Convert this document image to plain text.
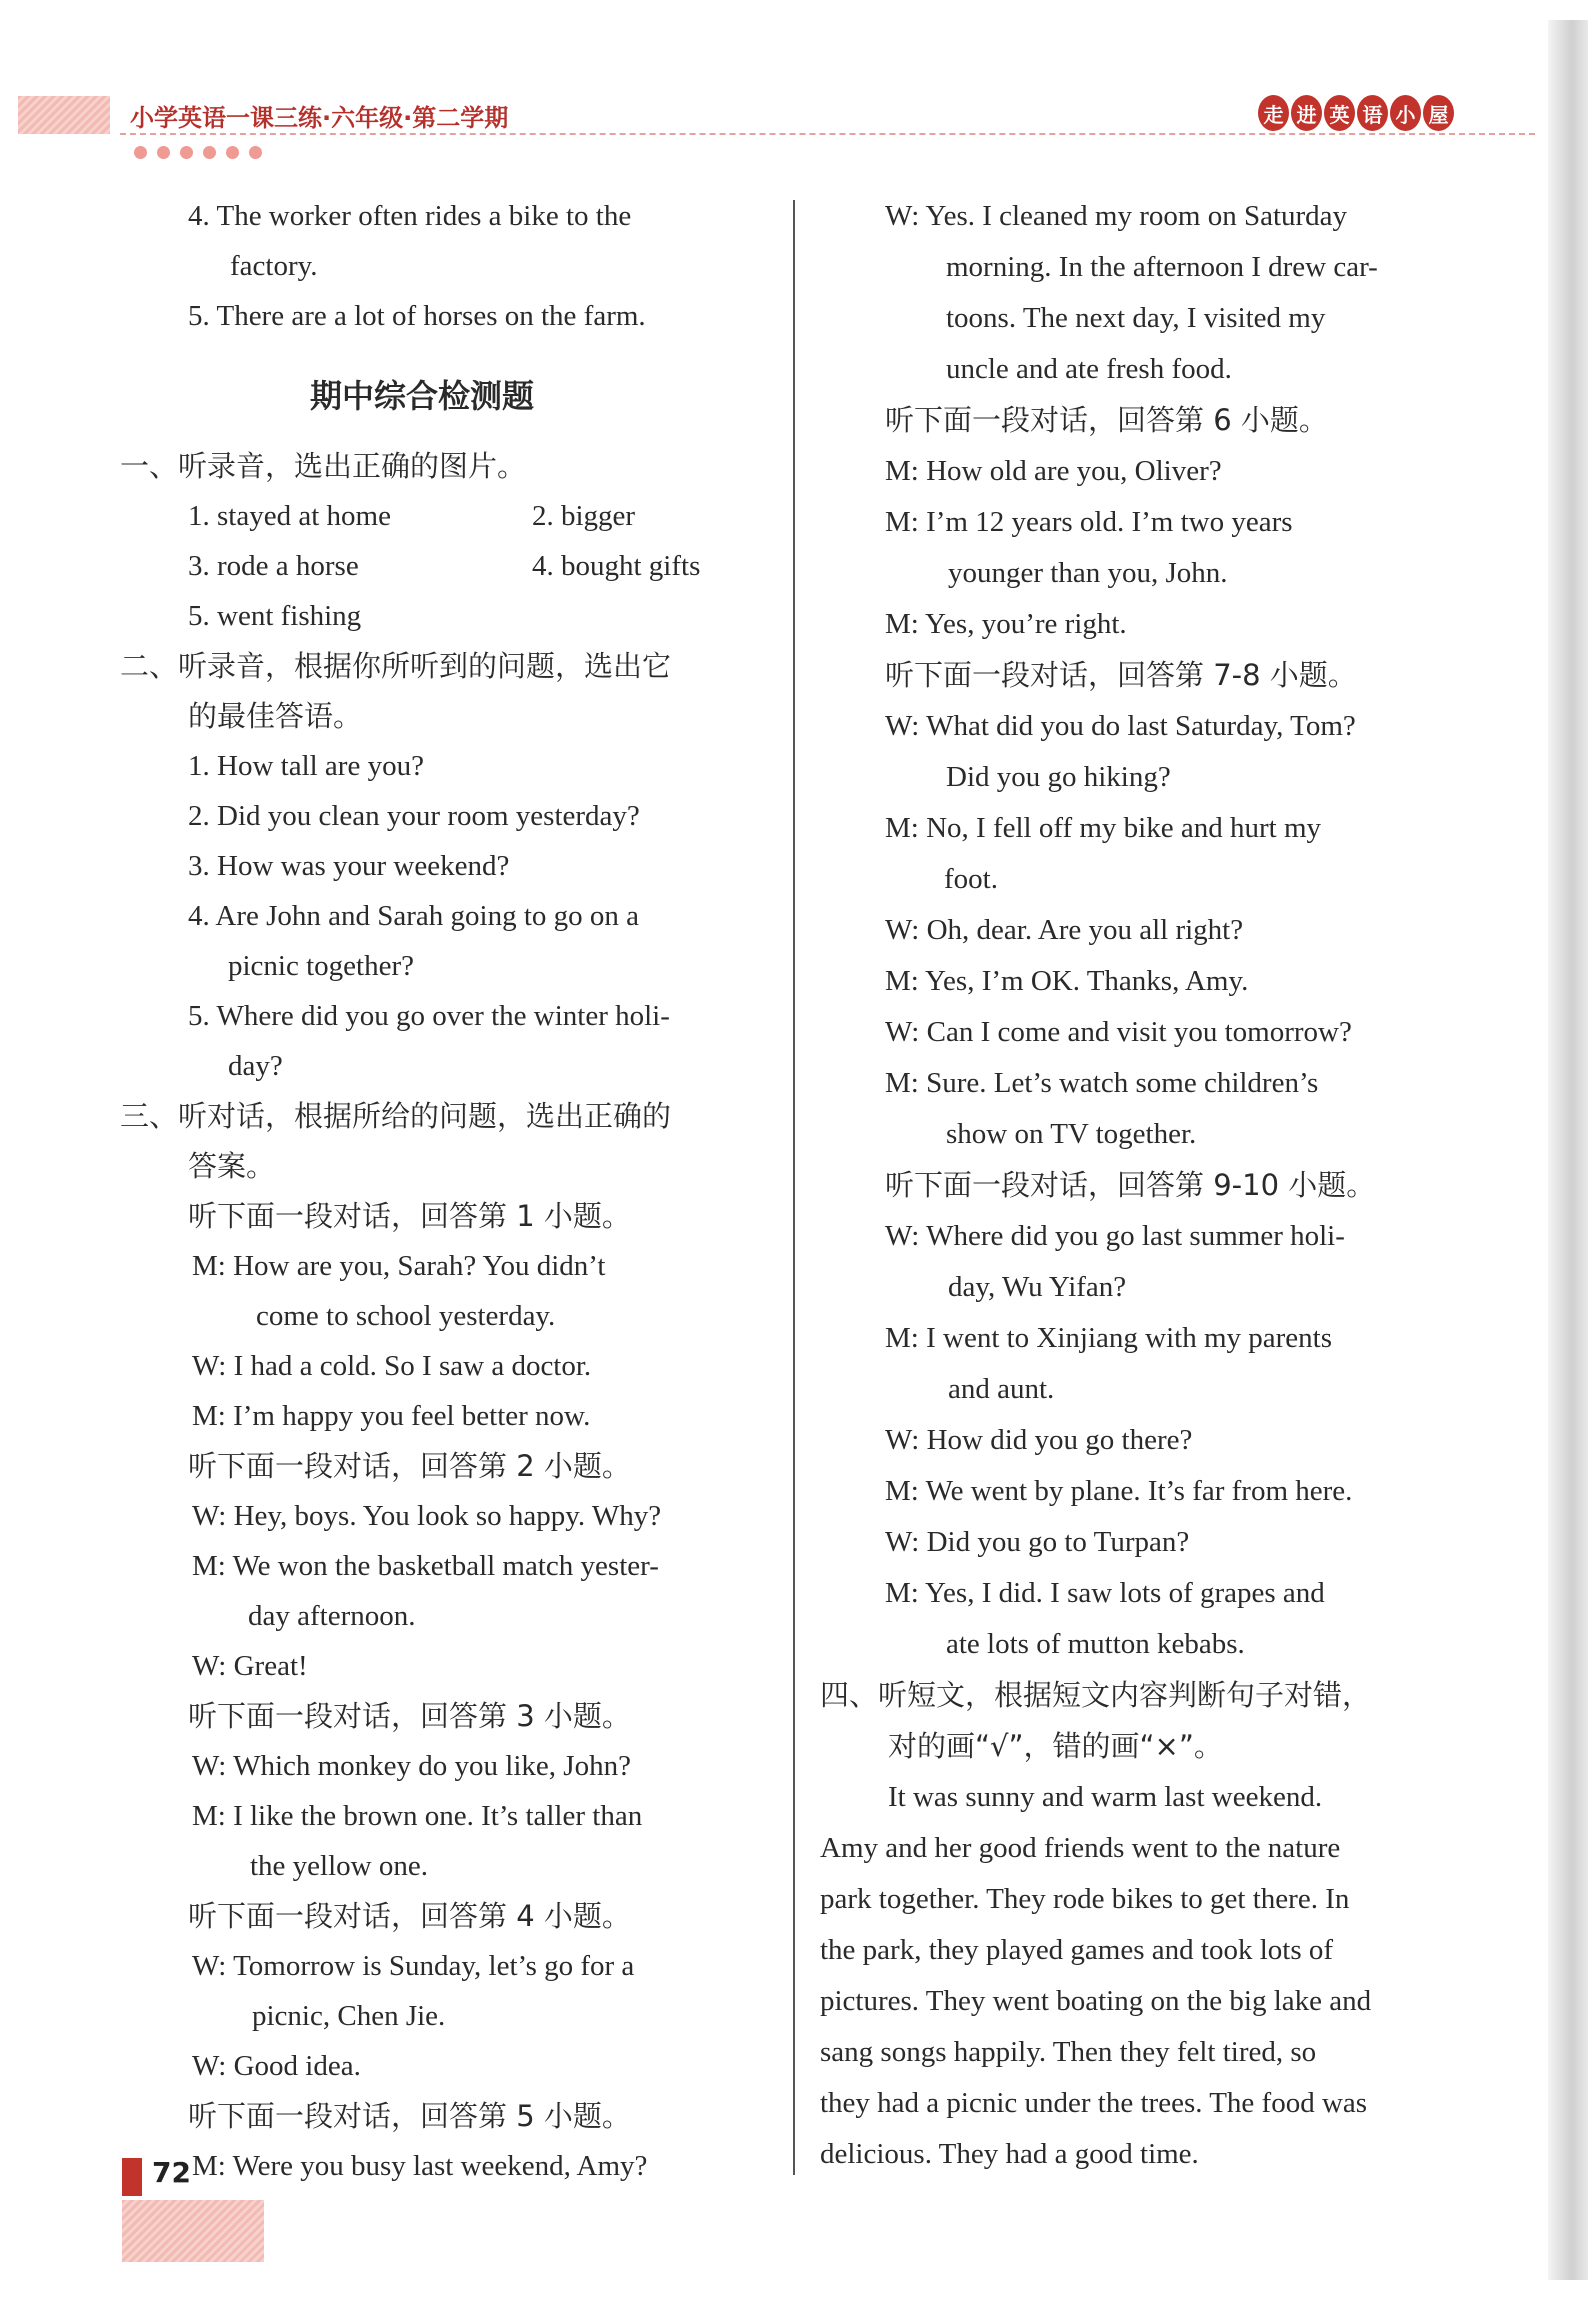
小学英语一课三练·六年级·第二学期	走 进 英 语 小 屋
4. The worker often rides a bike to the
factory.
5. There are a lot of horses on the farm.
期中综合检测题
一、听录音，选出正确的图片。
1. stayed at home	2. bigger
3. rode a horse	4. bought gifts
5. went fishing
二、听录音，根据你所听到的问题，选出它
的最佳答语。
1. How tall are you?
2. Did you clean your room yesterday?
3. How was your weekend?
4. Are John and Sarah going to go on a
picnic together?
5. Where did you go over the winter holi-
day?
三、听对话，根据所给的问题，选出正确的
答案。
听下面一段对话，回答第 1 小题。
M: How are you, Sarah? You didn’t
come to school yesterday.
W: I had a cold. So I saw a doctor.
M: I’m happy you feel better now.
听下面一段对话，回答第 2 小题。
W: Hey, boys. You look so happy. Why?
M: We won the basketball match yester-
day afternoon.
W: Great!
听下面一段对话，回答第 3 小题。
W: Which monkey do you like, John?
M: I like the brown one. It’s taller than
the yellow one.
听下面一段对话，回答第 4 小题。
W: Tomorrow is Sunday, let’s go for a
picnic, Chen Jie.
W: Good idea.
听下面一段对话，回答第 5 小题。
M: Were you busy last weekend, Amy?
W: Yes. I cleaned my room on Saturday
morning. In the afternoon I drew car-
toons. The next day, I visited my
uncle and ate fresh food.
听下面一段对话，回答第 6 小题。
M: How old are you, Oliver?
M: I’m 12 years old. I’m two years
younger than you, John.
M: Yes, you’re right.
听下面一段对话，回答第 7-8 小题。
W: What did you do last Saturday, Tom?
Did you go hiking?
M: No, I fell off my bike and hurt my
foot.
W: Oh, dear. Are you all right?
M: Yes, I’m OK. Thanks, Amy.
W: Can I come and visit you tomorrow?
M: Sure. Let’s watch some children’s
show on TV together.
听下面一段对话，回答第 9-10 小题。
W: Where did you go last summer holi-
day, Wu Yifan?
M: I went to Xinjiang with my parents
and aunt.
W: How did you go there?
M: We went by plane. It’s far from here.
W: Did you go to Turpan?
M: Yes, I did. I saw lots of grapes and
ate lots of mutton kebabs.
四、听短文，根据短文内容判断句子对错，
对的画“√”，错的画“×”。
It was sunny and warm last weekend.
Amy and her good friends went to the nature
park together. They rode bikes to get there. In
the park, they played games and took lots of
pictures. They went boating on the big lake and
sang songs happily. Then they felt tired, so
they had a picnic under the trees. The food was
delicious. They had a good time.
72
